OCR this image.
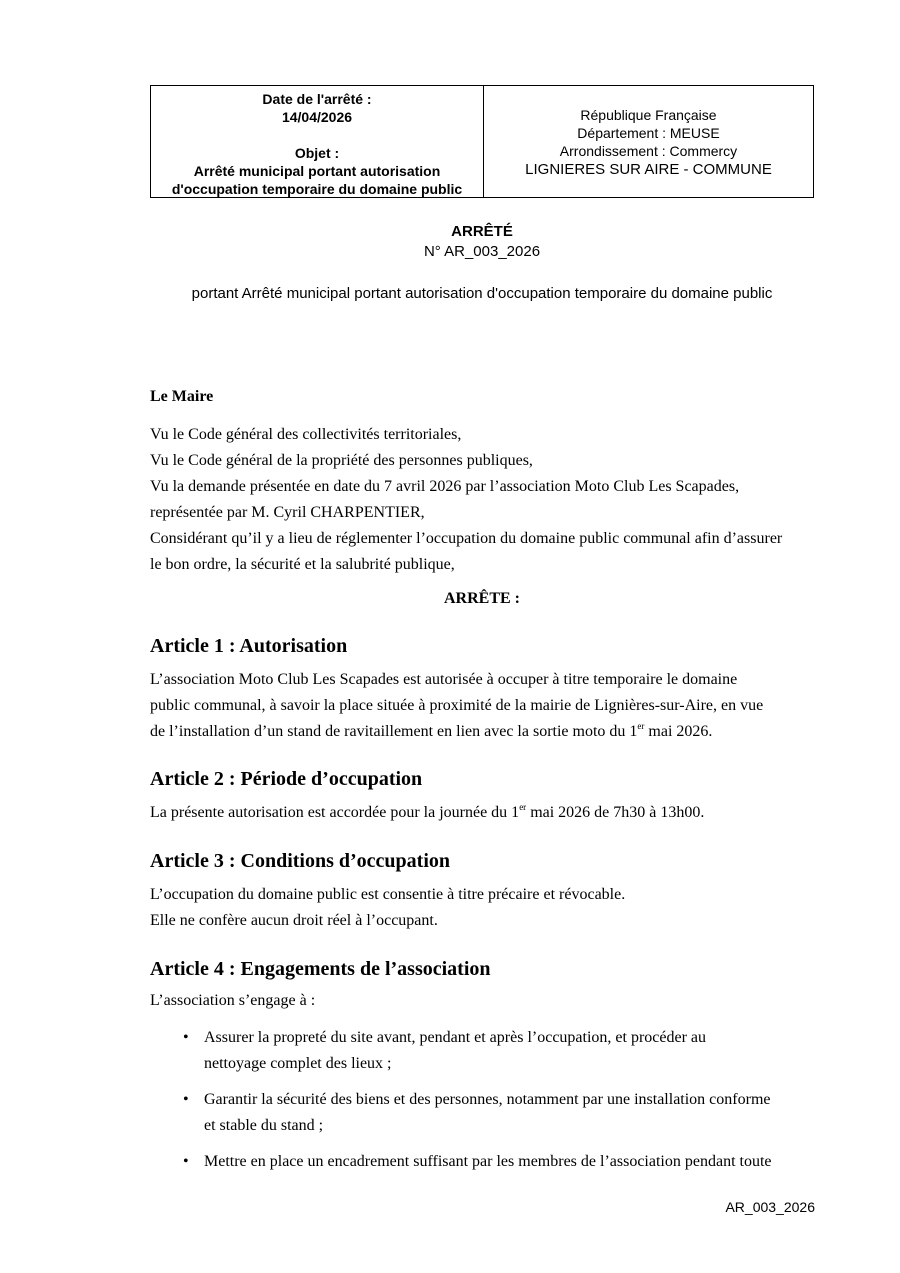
Date de l'arrêté :
14/04/2026
Objet :
Arrêté municipal portant autorisation
d'occupation temporaire du domaine public
République Française
Département : MEUSE
Arrondissement : Commercy
LIGNIERES SUR AIRE - COMMUNE
ARRÊTÉ
N° AR_003_2026
portant Arrêté municipal portant autorisation d'occupation temporaire du domaine public
Le Maire
Vu le Code général des collectivités territoriales,
Vu le Code général de la propriété des personnes publiques,
Vu la demande présentée en date du 7 avril 2026 par l’association Moto Club Les Scapades,
représentée par M. Cyril CHARPENTIER,
Considérant qu’il y a lieu de réglementer l’occupation du domaine public communal afin d’assurer
le bon ordre, la sécurité et la salubrité publique,
ARRÊTE :
Article 1 : Autorisation
L’association Moto Club Les Scapades est autorisée à occuper à titre temporaire le domaine
public communal, à savoir la place située à proximité de la mairie de Lignières-sur-Aire, en vue
de l’installation d’un stand de ravitaillement en lien avec la sortie moto du 1er mai 2026.
Article 2 : Période d’occupation
La présente autorisation est accordée pour la journée du 1er mai 2026 de 7h30 à 13h00.
Article 3 : Conditions d’occupation
L’occupation du domaine public est consentie à titre précaire et révocable.
Elle ne confère aucun droit réel à l’occupant.
Article 4 : Engagements de l’association
L’association s’engage à :
• Assurer la propreté du site avant, pendant et après l’occupation, et procéder au
nettoyage complet des lieux ;
• Garantir la sécurité des biens et des personnes, notamment par une installation conforme
et stable du stand ;
• Mettre en place un encadrement suffisant par les membres de l’association pendant toute
AR_003_2026
